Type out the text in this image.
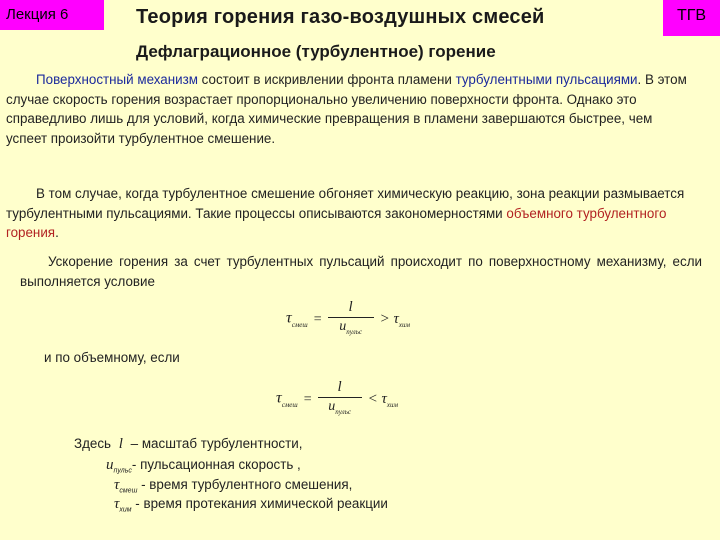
Лекция 6	Теория горения газо-воздушных смесей	ТГВ
Дефлаграционное (турбулентное) горение
Поверхностный механизм состоит в искривлении фронта пламени турбулентными пульсациями. В этом случае скорость горения возрастает пропорционально увеличению поверхности фронта. Однако это справедливо лишь для условий, когда химические превращения в пламени завершаются быстрее, чем успеет произойти турбулентное смешение.
В том случае, когда турбулентное смешение обгоняет химическую реакцию, зона реакции размывается турбулентными пульсациями. Такие процессы описываются закономерностями объемного турбулентного горения.
Ускорение горения за счет турбулентных пульсаций происходит по поверхностному механизму, если выполняется условие
$\tau_{смеш} = \frac{l}{u_{пульс}} > \tau_{хим}$
и по объемному, если
$\tau_{смеш} = \frac{l}{u_{пульс}} < \tau_{хим}$
Здесь l – масштаб турбулентности,
$u_{пульс}-$ пульсационная скорость ,
$\tau_{смеш}$ - время турбулентного смешения,
$\tau_{хим}$ - время протекания химической реакции
